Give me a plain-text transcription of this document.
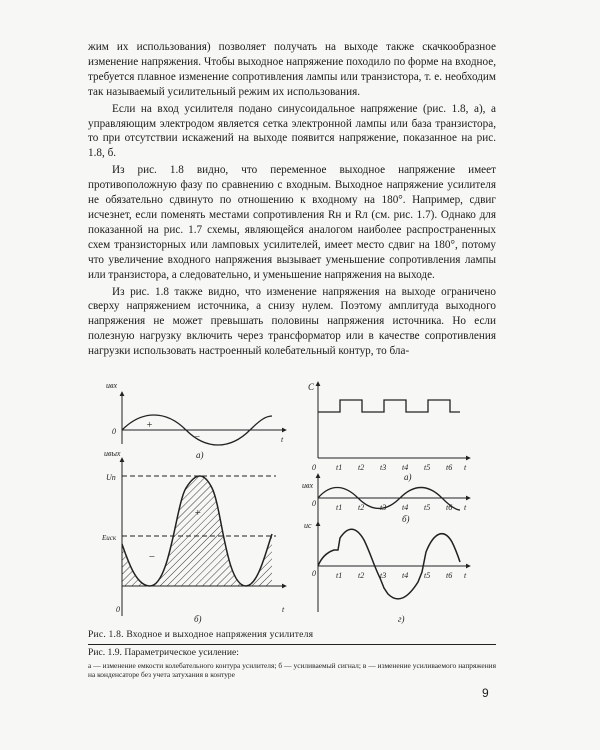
жим их использования) позволяет получать на выходе также скачкообразное изменение напряжения. Чтобы выходное напряжение походило по форме на входное, требуется плавное изменение сопротивления лампы или транзистора, т. е. необходим так называемый усилительный режим их использования.

Если на вход усилителя подано синусоидальное напряжение (рис. 1.8, а), а управляющим электродом является сетка электронной лампы или база транзистора, то при отсутствии искажений на выходе появится напряжение, показанное на рис. 1.8, б.

Из рис. 1.8 видно, что переменное выходное напряжение имеет противоположную фазу по сравнению с входным. Выходное напряжение усилителя не обязательно сдвинуто по отношению к входному на 180°. Например, сдвиг исчезнет, если поменять местами сопротивления Rн и Rл (см. рис. 1.7). Однако для показанной на рис. 1.7 схемы, являющейся аналогом наиболее распространенных схем транзисторных или ламповых усилителей, имеет место сдвиг на 180°, потому что увеличение входного напряжения вызывает уменьшение сопротивления лампы или транзистора, а следовательно, и уменьшение напряжения на выходе.

Из рис. 1.8 также видно, что изменение напряжения на выходе ограничено сверху напряжением источника, а снизу нулем. Поэтому амплитуда выходного напряжения не может превышать половины напряжения источника. Но если полезную нагрузку включить через трансформатор или в качестве сопротивления нагрузки использовать настроенный колебательный контур, то бла-

uвх
0
t
+
−
а)
uвых
Uп
Еиск
+
−
0	t
б)
C
0	t1 t2 t3 t4 t5 t6 t
а)
uвх
0	t1 t2 t3 t4 t5 t6 t
б)
uс
0	t1 t2 t3 t4 t5 t6 t
г)
Рис. 1.8. Входное и выходное напряжения усилителя
Рис. 1.9. Параметрическое усиление:
а — изменение емкости колебательного контура усилителя; б — усиливаемый сигнал; в — изменение усиливаемого напряжения на конденсаторе без учета затухания в контуре
9
